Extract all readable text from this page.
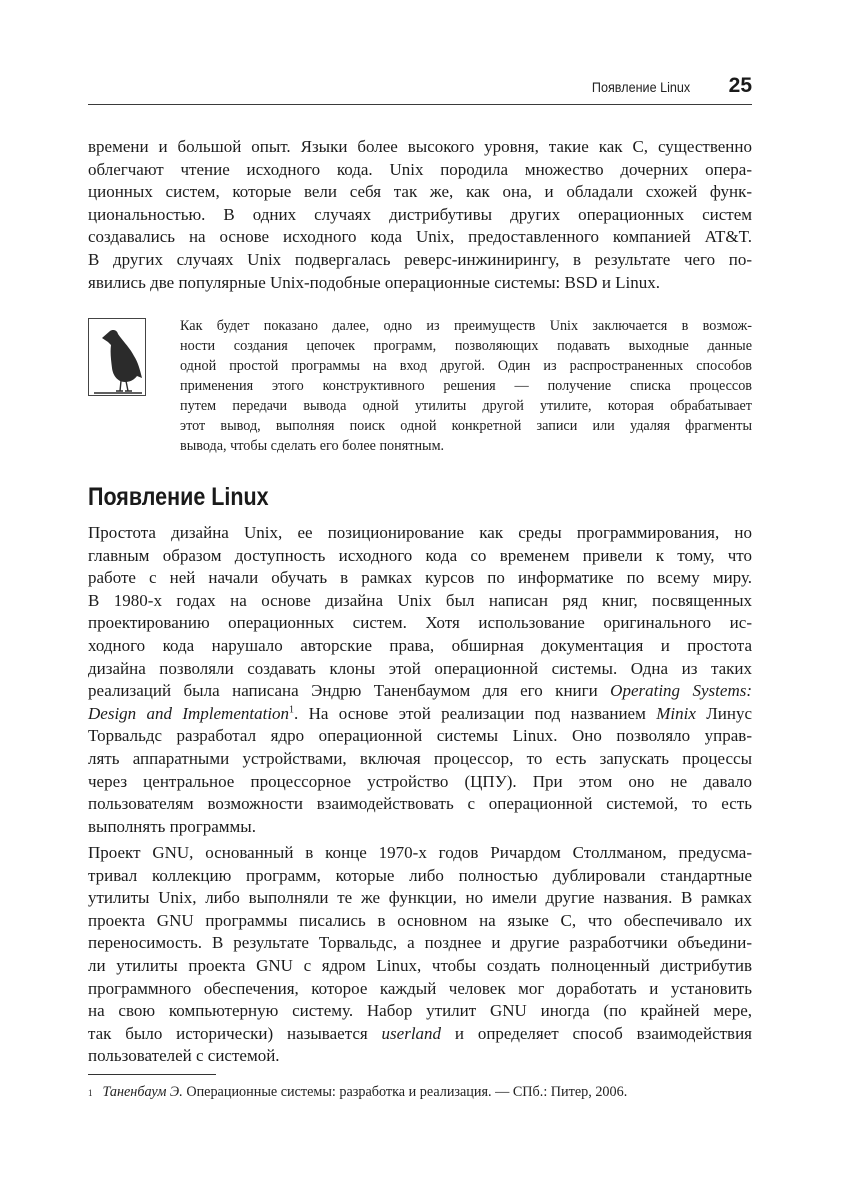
Появление Linux 25
времени и большой опыт. Языки более высокого уровня, такие как С, существенно
облегчают чтение исходного кода. Unix породила множество дочерних опера-
ционных систем, которые вели себя так же, как она, и обладали схожей функ-
циональностью. В одних случаях дистрибутивы других операционных систем
создавались на основе исходного кода Unix, предоставленного компанией AT&T.
В других случаях Unix подвергалась реверс-инжинирингу, в результате чего по-
явились две популярные Unix-подобные операционные системы: BSD и Linux.
Как будет показано далее, одно из преимуществ Unix заключается в возмож-
ности создания цепочек программ, позволяющих подавать выходные данные
одной простой программы на вход другой. Один из распространенных способов
применения этого конструктивного решения — получение списка процессов
путем передачи вывода одной утилиты другой утилите, которая обрабатывает
этот вывод, выполняя поиск одной конкретной записи или удаляя фрагменты
вывода, чтобы сделать его более понятным.
Появление Linux
Простота дизайна Unix, ее позиционирование как среды программирования, но
главным образом доступность исходного кода со временем привели к тому, что
работе с ней начали обучать в рамках курсов по информатике по всему миру.
В 1980-х годах на основе дизайна Unix был написан ряд книг, посвященных
проектированию операционных систем. Хотя использование оригинального ис-
ходного кода нарушало авторские права, обширная документация и простота
дизайна позволяли создавать клоны этой операционной системы. Одна из таких
реализаций была написана Эндрю Таненбаумом для его книги Operating Systems:
Design and Implementation$^1$. На основе этой реализации под названием Minix Линус
Торвальдс разработал ядро операционной системы Linux. Оно позволяло управ-
лять аппаратными устройствами, включая процессор, то есть запускать процессы
через центральное процессорное устройство (ЦПУ). При этом оно не давало
пользователям возможности взаимодействовать с операционной системой, то есть
выполнять программы.
Проект GNU, основанный в конце 1970-х годов Ричардом Столлманом, предусма-
тривал коллекцию программ, которые либо полностью дублировали стандартные
утилиты Unix, либо выполняли те же функции, но имели другие названия. В рамках
проекта GNU программы писались в основном на языке С, что обеспечивало их
переносимость. В результате Торвальдс, а позднее и другие разработчики объедини-
ли утилиты проекта GNU с ядром Linux, чтобы создать полноценный дистрибутив
программного обеспечения, которое каждый человек мог доработать и установить
на свою компьютерную систему. Набор утилит GNU иногда (по крайней мере,
так было исторически) называется userland и определяет способ взаимодействия
пользователей с системой.
$^1$ Таненбаум Э. Операционные системы: разработка и реализация. — СПб.: Питер, 2006.
